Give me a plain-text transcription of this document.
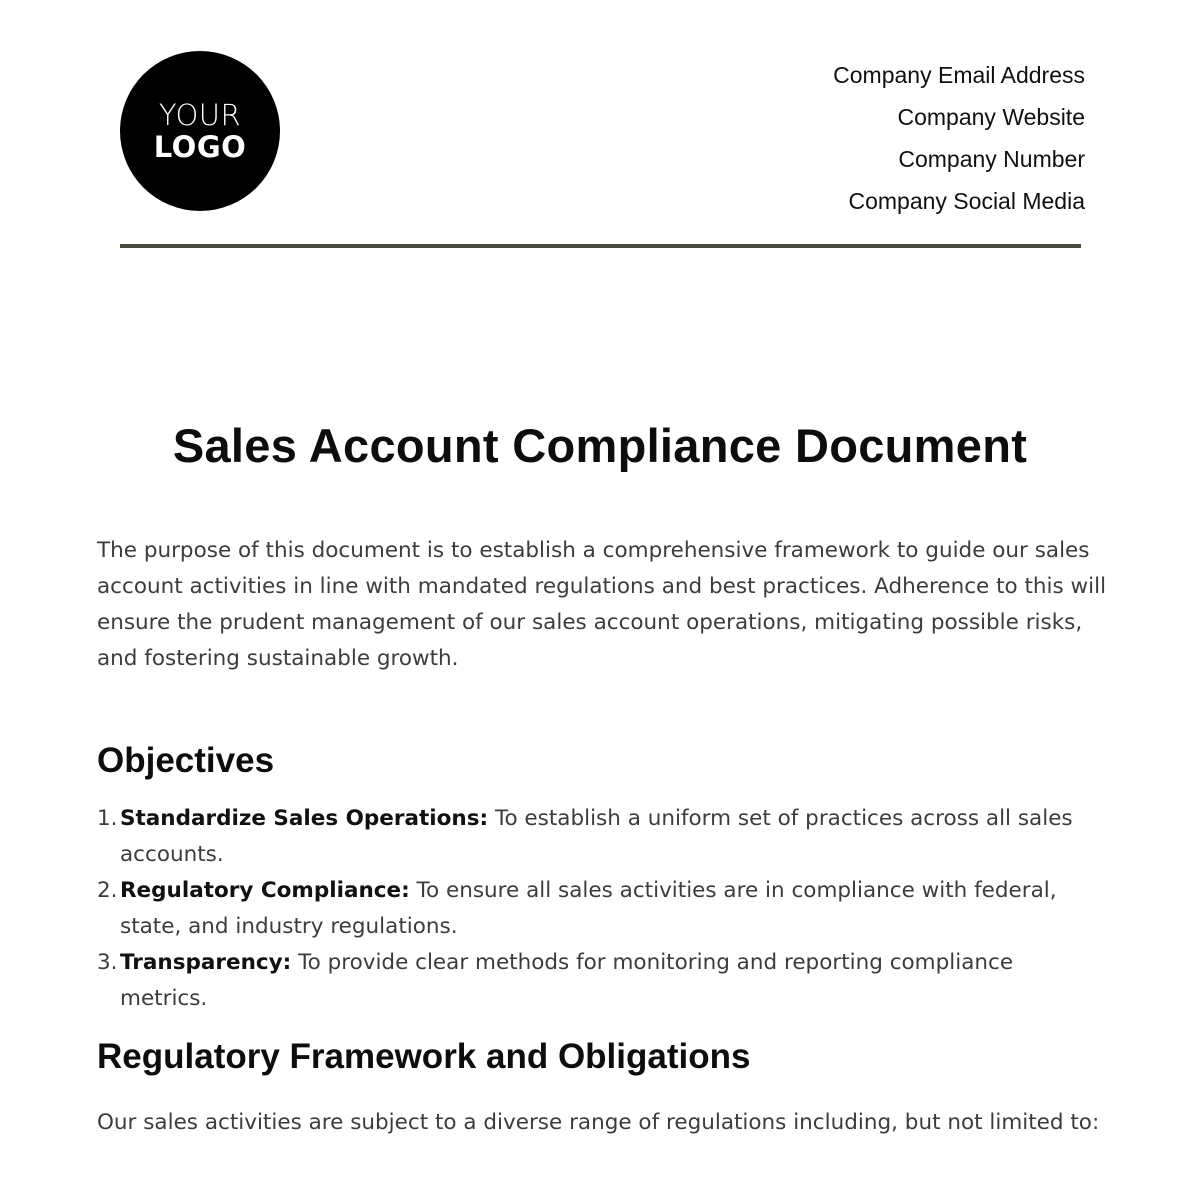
YOUR
LOGO
Company Email Address
Company Website
Company Number
Company Social Media
Sales Account Compliance Document

The purpose of this document is to establish a comprehensive framework to guide our sales account activities in line with mandated regulations and best practices. Adherence to this will ensure the prudent management of our sales account operations, mitigating possible risks, and fostering sustainable growth.

Objectives
1. Standardize Sales Operations: To establish a uniform set of practices across all sales accounts.
2. Regulatory Compliance: To ensure all sales activities are in compliance with federal, state, and industry regulations.
3. Transparency: To provide clear methods for monitoring and reporting compliance metrics.
Regulatory Framework and Obligations

Our sales activities are subject to a diverse range of regulations including, but not limited to:
